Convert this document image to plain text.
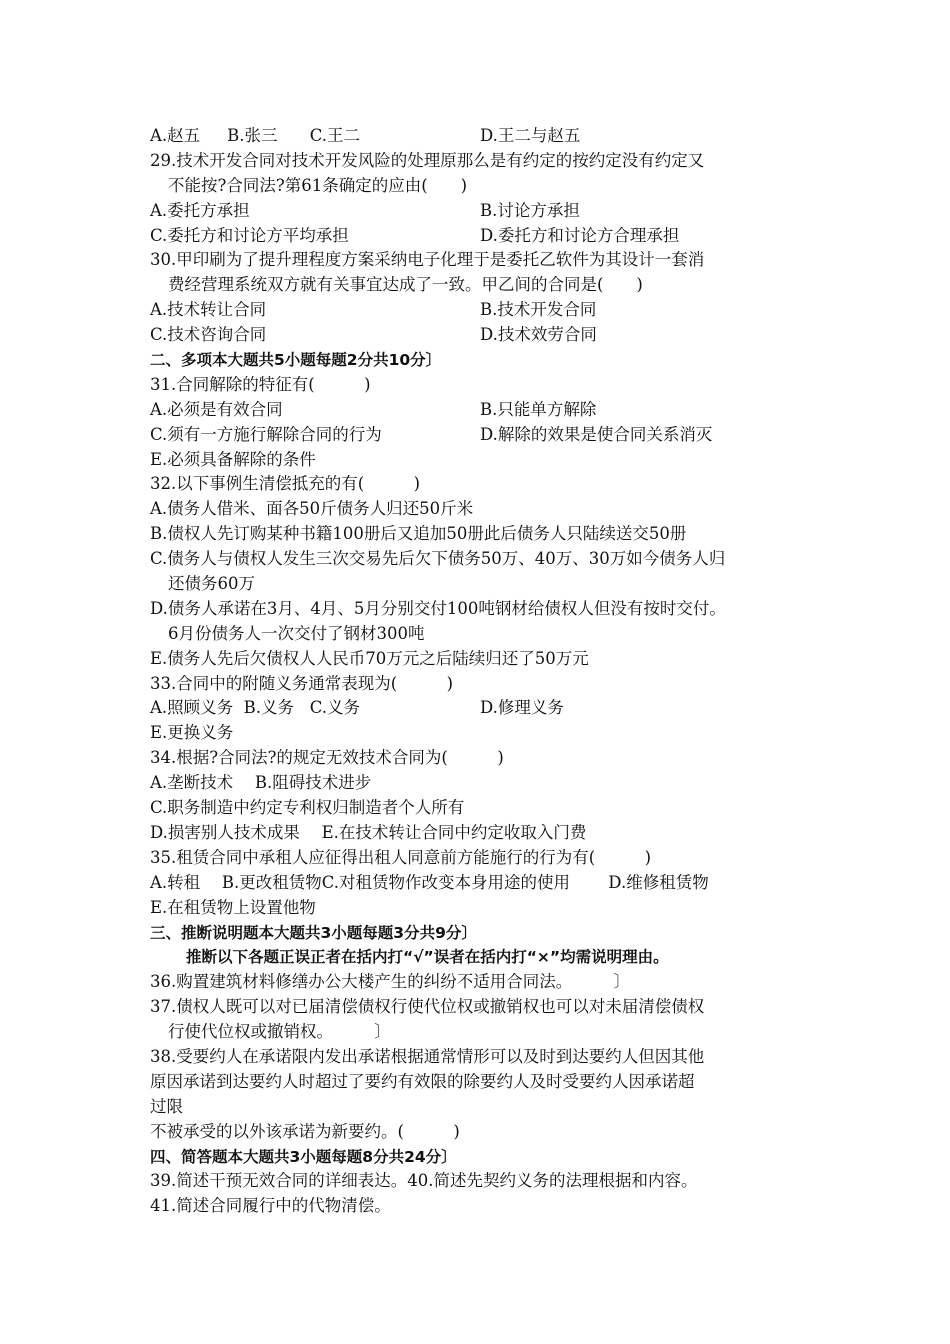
A.赵五　  B.张三　   C.王二	D.王二与赵五
29.技术开发合同对技术开发风险的处理原那么是有约定的按约定没有约定又
不能按?合同法?第61条确定的应由(　　)
A.委托方承担	B.讨论方承担
C.委托方和讨论方平均承担	D.委托方和讨论方合理承担
30.甲印刷为了提升理程度方案采纳电子化理于是委托乙软件为其设计一套消
费经营理系统双方就有关事宜达成了一致。甲乙间的合同是(　　)
A.技术转让合同	B.技术开发合同
C.技术咨询合同	D.技术效劳合同
二、多项本大题共5小题每题2分共10分〕
31.合同解除的特征有(　　　)
A.必须是有效合同	B.只能单方解除
C.须有一方施行解除合同的行为	D.解除的效果是使合同关系消灭
E.必须具备解除的条件
32.以下事例生清偿抵充的有(　　　)
A.债务人借米、面各50斤债务人归还50斤米
B.债权人先订购某种书籍100册后又追加50册此后债务人只陆续送交50册
C.债务人与债权人发生三次交易先后欠下债务50万、40万、30万如今债务人归
还债务60万
D.债务人承诺在3月、4月、5月分别交付100吨钢材给债权人但没有按时交付。
6月份债务人一次交付了钢材300吨
E.债务人先后欠债权人人民币70万元之后陆续归还了50万元
33.合同中的附随义务通常表现为(　　　)
A.照顾义务  B.义务   C.义务	D.修理义务
E.更换义务
34.根据?合同法?的规定无效技术合同为(　　　)
A.垄断技术　 B.阻碍技术进步
C.职务制造中约定专利权归制造者个人所有
D.损害别人技术成果　 E.在技术转让合同中约定收取入门费
35.租赁合同中承租人应征得出租人同意前方能施行的行为有(　　　)
A.转租　 B.更改租赁物C.对租赁物作改变本身用途的使用　　 D.维修租赁物
E.在租赁物上设置他物
三、推断说明题本大题共3小题每题3分共9分〕
推断以下各题正误正者在括内打“√”误者在括内打“×”均需说明理由。
36.购置建筑材料修缮办公大楼产生的纠纷不适用合同法。　　　〕
37.债权人既可以对已届清偿债权行使代位权或撤销权也可以对未届清偿债权
行使代位权或撤销权。　　　〕
38.受要约人在承诺限内发出承诺根据通常情形可以及时到达要约人但因其他
原因承诺到达要约人时超过了要约有效限的除要约人及时受要约人因承诺超
过限
不被承受的以外该承诺为新要约。(　　　)
四、简答题本大题共3小题每题8分共24分〕
39.简述干预无效合同的详细表达。40.简述先契约义务的法理根据和内容。
41.简述合同履行中的代物清偿。
